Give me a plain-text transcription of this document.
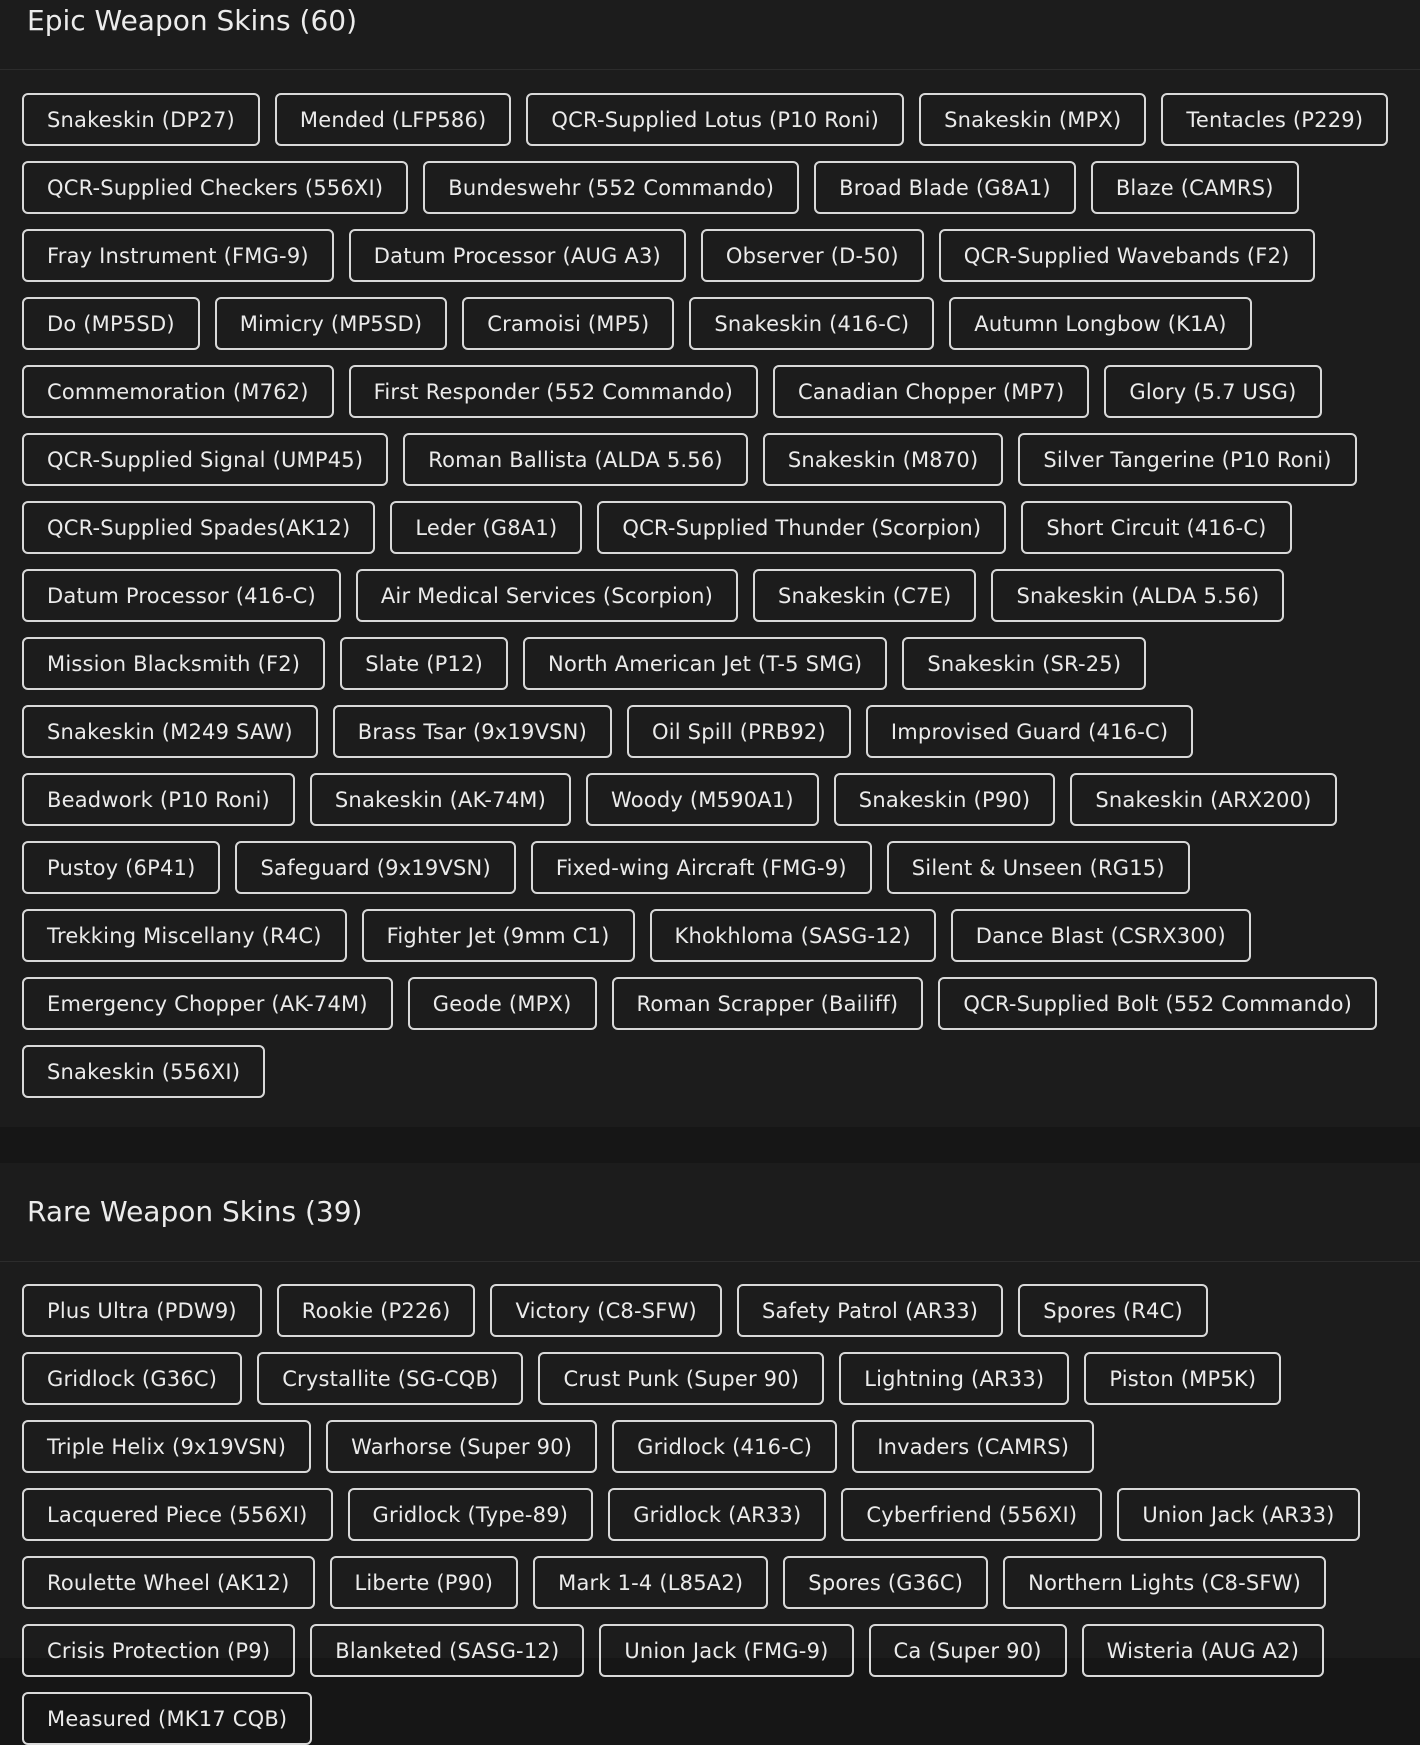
Epic Weapon Skins (60)
Snakeskin (DP27)	Mended (LFP586)	QCR-Supplied Lotus (P10 Roni)	Snakeskin (MPX)	Tentacles (P229)
QCR-Supplied Checkers (556XI)	Bundeswehr (552 Commando)	Broad Blade (G8A1)	Blaze (CAMRS)
Fray Instrument (FMG-9)	Datum Processor (AUG A3)	Observer (D-50)	QCR-Supplied Wavebands (F2)
Do (MP5SD)	Mimicry (MP5SD)	Cramoisi (MP5)	Snakeskin (416-C)	Autumn Longbow (K1A)
Commemoration (M762)	First Responder (552 Commando)	Canadian Chopper (MP7)	Glory (5.7 USG)
QCR-Supplied Signal (UMP45)	Roman Ballista (ALDA 5.56)	Snakeskin (M870)	Silver Tangerine (P10 Roni)
QCR-Supplied Spades(AK12)	Leder (G8A1)	QCR-Supplied Thunder (Scorpion)	Short Circuit (416-C)
Datum Processor (416-C)	Air Medical Services (Scorpion)	Snakeskin (C7E)	Snakeskin (ALDA 5.56)
Mission Blacksmith (F2)	Slate (P12)	North American Jet (T-5 SMG)	Snakeskin (SR-25)
Snakeskin (M249 SAW)	Brass Tsar (9x19VSN)	Oil Spill (PRB92)	Improvised Guard (416-C)
Beadwork (P10 Roni)	Snakeskin (AK-74M)	Woody (M590A1)	Snakeskin (P90)	Snakeskin (ARX200)
Pustoy (6P41)	Safeguard (9x19VSN)	Fixed-wing Aircraft (FMG-9)	Silent & Unseen (RG15)
Trekking Miscellany (R4C)	Fighter Jet (9mm C1)	Khokhloma (SASG-12)	Dance Blast (CSRX300)
Emergency Chopper (AK-74M)	Geode (MPX)	Roman Scrapper (Bailiff)	QCR-Supplied Bolt (552 Commando)
Snakeskin (556XI)
Rare Weapon Skins (39)
Plus Ultra (PDW9)	Rookie (P226)	Victory (C8-SFW)	Safety Patrol (AR33)	Spores (R4C)
Gridlock (G36C)	Crystallite (SG-CQB)	Crust Punk (Super 90)	Lightning (AR33)	Piston (MP5K)
Triple Helix (9x19VSN)	Warhorse (Super 90)	Gridlock (416-C)	Invaders (CAMRS)
Lacquered Piece (556XI)	Gridlock (Type-89)	Gridlock (AR33)	Cyberfriend (556XI)	Union Jack (AR33)
Roulette Wheel (AK12)	Liberte (P90)	Mark 1-4 (L85A2)	Spores (G36C)	Northern Lights (C8-SFW)
Crisis Protection (P9)	Blanketed (SASG-12)	Union Jack (FMG-9)	Ca (Super 90)	Wisteria (AUG A2)
Measured (MK17 CQB)
